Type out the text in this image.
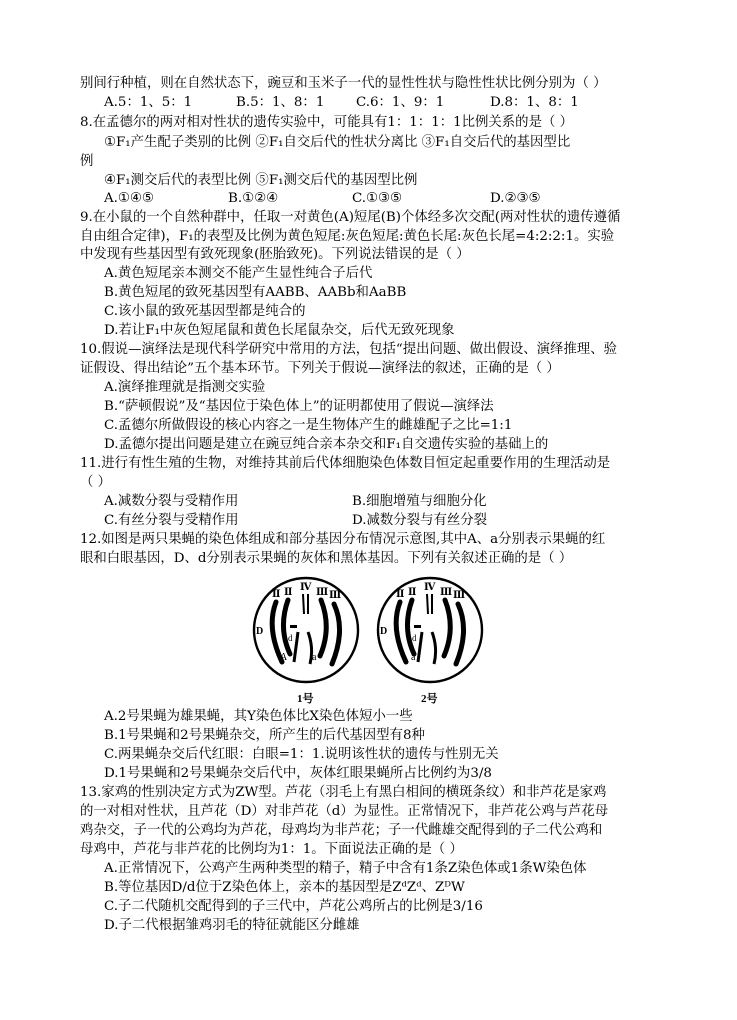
别间行种植，则在自然状态下，豌豆和玉米子一代的显性性状与隐性性状比例分别为（ ）
A.5：1、5：1	B.5：1、8：1 C.6：1、9：1	D.8：1、8：1
8.在孟德尔的两对相对性状的遗传实验中，可能具有1：1：1：1比例关系的是（ ）
①F₁产生配子类别的比例 ②F₁自交后代的性状分离比 ③F₁自交后代的基因型比
例
④F₁测交后代的表型比例 ⑤F₁测交后代的基因型比例
A.①④⑤	B.①②④	C.①③⑤	D.②③⑤
9.在小鼠的一个自然种群中，任取一对黄色(A)短尾(B)个体经多次交配(两对性状的遗传遵循
自由组合定律)，F₁的表型及比例为黄色短尾:灰色短尾:黄色长尾:灰色长尾=4:2:2:1。实验
中发现有些基因型有致死现象(胚胎致死)。下列说法错误的是（ ）
A.黄色短尾亲本测交不能产生显性纯合子后代
B.黄色短尾的致死基因型有AABB、AABb和AaBB
C.该小鼠的致死基因型都是纯合的
D.若让F₁中灰色短尾鼠和黄色长尾鼠杂交，后代无致死现象
10.假说—演绎法是现代科学研究中常用的方法，包括“提出问题、做出假设、演绎推理、验
证假设、得出结论”五个基本环节。下列关于假说—演绎法的叙述，正确的是（ ）
A.演绎推理就是指测交实验
B.“萨顿假说”及“基因位于染色体上”的证明都使用了假说—演绎法
C.孟德尔所做假设的核心内容之一是生物体产生的雌雄配子之比=1:1
D.孟德尔提出问题是建立在豌豆纯合亲本杂交和F₁自交遗传实验的基础上的
11.进行有性生殖的生物，对维持其前后代体细胞染色体数目恒定起重要作用的生理活动是
（ ）
A.减数分裂与受精作用	B.细胞增殖与细胞分化
C.有丝分裂与受精作用	D.减数分裂与有丝分裂
12.如图是两只果蝇的染色体组成和部分基因分布情况示意图,其中A、a分别表示果蝇的红
眼和白眼基因，D、d分别表示果蝇的灰体和黑体基因。下列有关叙述正确的是（ ）
Ⅱ Ⅱ Ⅳ Ⅲ Ⅲ
D
d
A a
1号
Ⅱ Ⅱ Ⅳ Ⅲ Ⅲ
D
d
a
2号
A.2号果蝇为雄果蝇，其Y染色体比X染色体短小一些
B.1号果蝇和2号果蝇杂交，所产生的后代基因型有8种
C.两果蝇杂交后代红眼：白眼=1：1.说明该性状的遗传与性别无关
D.1号果蝇和2号果蝇杂交后代中，灰体红眼果蝇所占比例约为3/8
13.家鸡的性别决定方式为ZW型。芦花（羽毛上有黑白相间的横斑条纹）和非芦花是家鸡
的一对相对性状，且芦花（D）对非芦花（d）为显性。正常情况下，非芦花公鸡与芦花母
鸡杂交，子一代的公鸡均为芦花，母鸡均为非芦花；子一代雌雄交配得到的子二代公鸡和
母鸡中，芦花与非芦花的比例均为1：1。下面说法正确的是（ ）
A.正常情况下，公鸡产生两种类型的精子，精子中含有1条Z染色体或1条W染色体
B.等位基因D/d位于Z染色体上，亲本的基因型是ZᵈZᵈ、ZᴰW
C.子二代随机交配得到的子三代中，芦花公鸡所占的比例是3/16
D.子二代根据雏鸡羽毛的特征就能区分雌雄
